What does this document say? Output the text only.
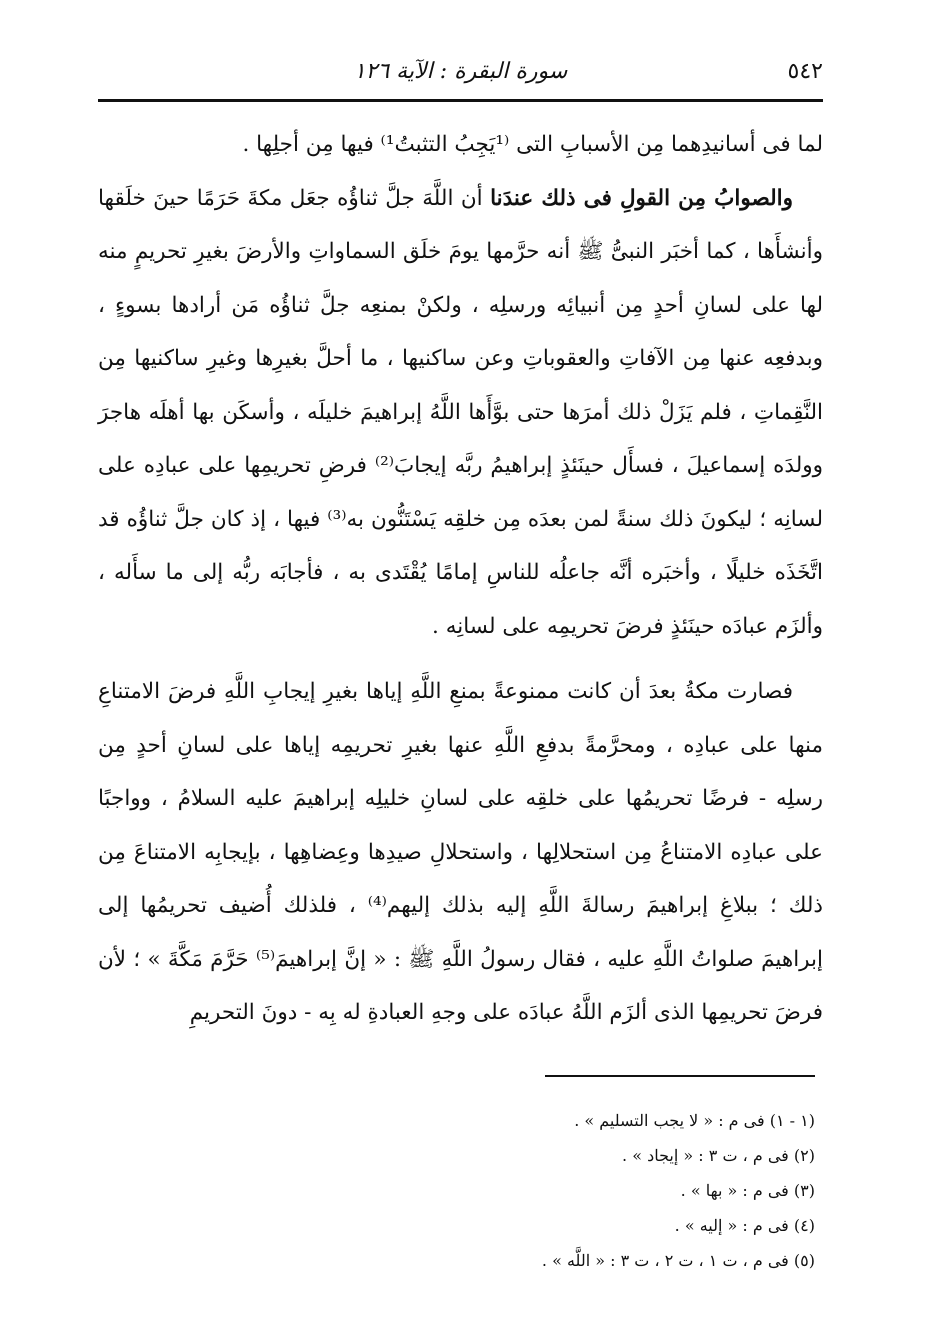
٥٤٢
سورة البقرة : الآية ١٢٦

لما فى أسانيدِهما مِن الأسبابِ التى ⁽¹يَجِبُ التثبتُ¹⁾ فيها مِن أجلِها .

والصوابُ مِن القولِ فى ذلك عندَنا أن اللَّهَ جلَّ ثناؤُه جعَل مكةَ حَرَمًا حينَ خلَقها وأنشأَها ، كما أخبَر النبىُّ ﷺ أنه حرَّمها يومَ خلَق السماواتِ والأرضَ بغيرِ تحريمٍ منه لها على لسانِ أحدٍ مِن أنبيائِه ورسلِه ، ولكنْ بمنعِه جلَّ ثناؤُه مَن أرادها بسوءٍ ، وبدفعِه عنها مِن الآفاتِ والعقوباتِ وعن ساكنيها ، ما أحلَّ بغيرِها وغيرِ ساكنيها مِن النَّقِماتِ ، فلم يَزَلْ ذلك أمرَها حتى بوَّأَها اللَّهُ إبراهيمَ خليلَه ، وأسكَن بها أهلَه هاجرَ وولدَه إسماعيلَ ، فسأَل حينَئذٍ إبراهيمُ ربَّه إيجابَ⁽²⁾ فرضِ تحريمِها على عبادِه على لسانِه ؛ ليكونَ ذلك سنةً لمن بعدَه مِن خلقِه يَسْتَنُّون به⁽³⁾ فيها ، إذ كان جلَّ ثناؤُه قد اتَّخَذَه خليلًا ، وأخبَره أنَّه جاعلُه للناسِ إمامًا يُقْتَدى به ، فأجابَه ربُّه إلى ما سأَله ، وألزَم عبادَه حينَئذٍ فرضَ تحريمِه على لسانِه .

فصارت مكةُ بعدَ أن كانت ممنوعةً بمنعِ اللَّهِ إياها بغيرِ إيجابِ اللَّهِ فرضَ الامتناعِ منها على عبادِه ، ومحرَّمةً بدفعِ اللَّهِ عنها بغيرِ تحريمِه إياها على لسانِ أحدٍ مِن رسلِه - فرضًا تحريمُها على خلقِه على لسانِ خليلِه إبراهيمَ عليه السلامُ ، وواجبًا على عبادِه الامتناعُ مِن استحلالِها ، واستحلالِ صيدِها وعِضاهِها ، بإيجابِه الامتناعَ مِن ذلك ؛ ببلاغِ إبراهيمَ رسالةَ اللَّهِ إليه بذلك إليهم⁽⁴⁾ ، فلذلك أُضيف تحريمُها إلى إبراهيمَ صلواتُ اللَّهِ عليه ، فقال رسولُ اللَّهِ ﷺ : « إنَّ إبراهيمَ⁽⁵⁾ حَرَّمَ مَكَّةَ » ؛ لأن فرضَ تحريمِها الذى ألزَم اللَّهُ عبادَه على وجهِ العبادةِ له بِه - دونَ التحريمِ

(١ - ١) فى م : « لا يجب التسليم » .

(٢) فى م ، ت ٣ : « إيجاد » .

(٣) فى م : « بها » .

(٤) فى م : « إليه » .

(٥) فى م ، ت ١ ، ت ٢ ، ت ٣ : « اللَّه » .
